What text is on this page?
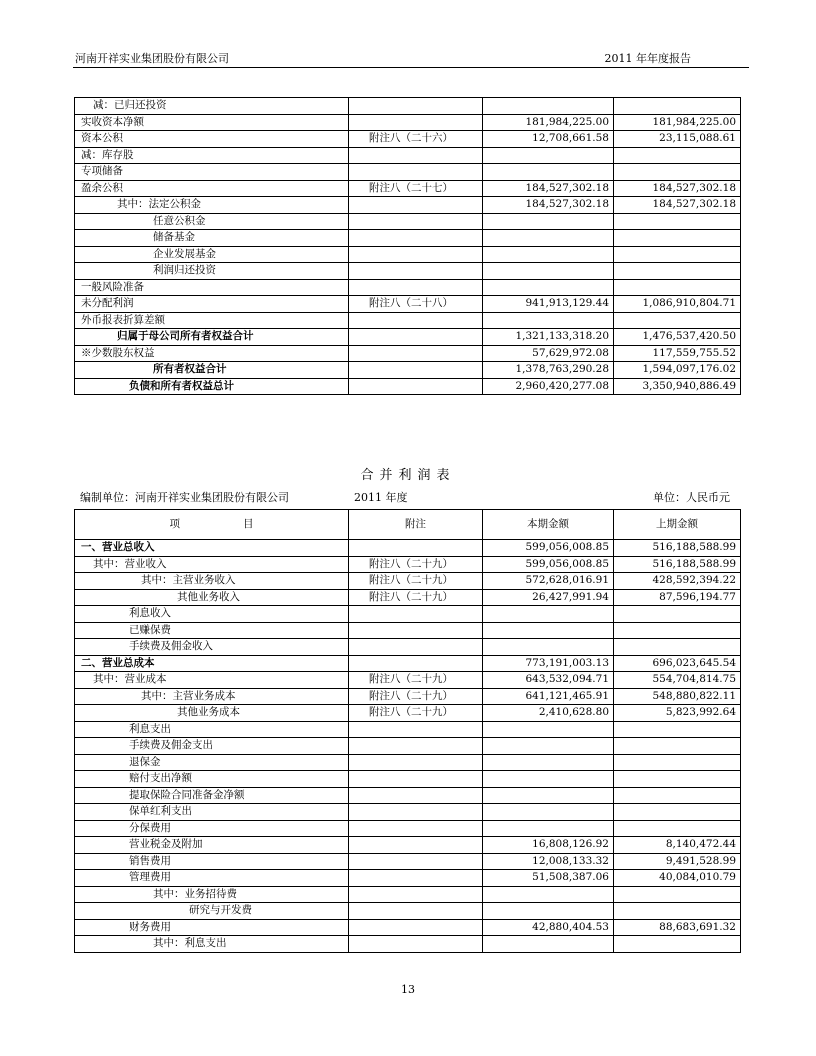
河南开祥实业集团股份有限公司	2011 年年度报告
减：已归还投资			
实收资本净额		181,984,225.00	181,984,225.00
资本公积	附注八（二十六）	12,708,661.58	23,115,088.61
减：库存股			
专项储备			
盈余公积	附注八（二十七）	184,527,302.18	184,527,302.18
其中：法定公积金		184,527,302.18	184,527,302.18
任意公积金			
储备基金			
企业发展基金			
利润归还投资			
一般风险准备			
未分配利润	附注八（二十八）	941,913,129.44	1,086,910,804.71
外币报表折算差额			
归属于母公司所有者权益合计		1,321,133,318.20	1,476,537,420.50
※少数股东权益		57,629,972.08	117,559,755.52
所有者权益合计		1,378,763,290.28	1,594,097,176.02
负债和所有者权益总计		2,960,420,277.08	3,350,940,886.49
合并利润表
编制单位：河南开祥实业集团股份有限公司	2011 年度	单位：人民币元
项　　　　　　目	附注	本期金额	上期金额
一、营业总收入		599,056,008.85	516,188,588.99
其中：营业收入	附注八（二十九）	599,056,008.85	516,188,588.99
其中：主营业务收入	附注八（二十九）	572,628,016.91	428,592,394.22
其他业务收入	附注八（二十九）	26,427,991.94	87,596,194.77
利息收入			
已赚保费			
手续费及佣金收入			
二、营业总成本		773,191,003.13	696,023,645.54
其中：营业成本	附注八（二十九）	643,532,094.71	554,704,814.75
其中：主营业务成本	附注八（二十九）	641,121,465.91	548,880,822.11
其他业务成本	附注八（二十九）	2,410,628.80	5,823,992.64
利息支出			
手续费及佣金支出			
退保金			
赔付支出净额			
提取保险合同准备金净额			
保单红利支出			
分保费用			
营业税金及附加		16,808,126.92	8,140,472.44
销售费用		12,008,133.32	9,491,528.99
管理费用		51,508,387.06	40,084,010.79
其中：业务招待费			
研究与开发费			
财务费用		42,880,404.53	88,683,691.32
其中：利息支出			
13
